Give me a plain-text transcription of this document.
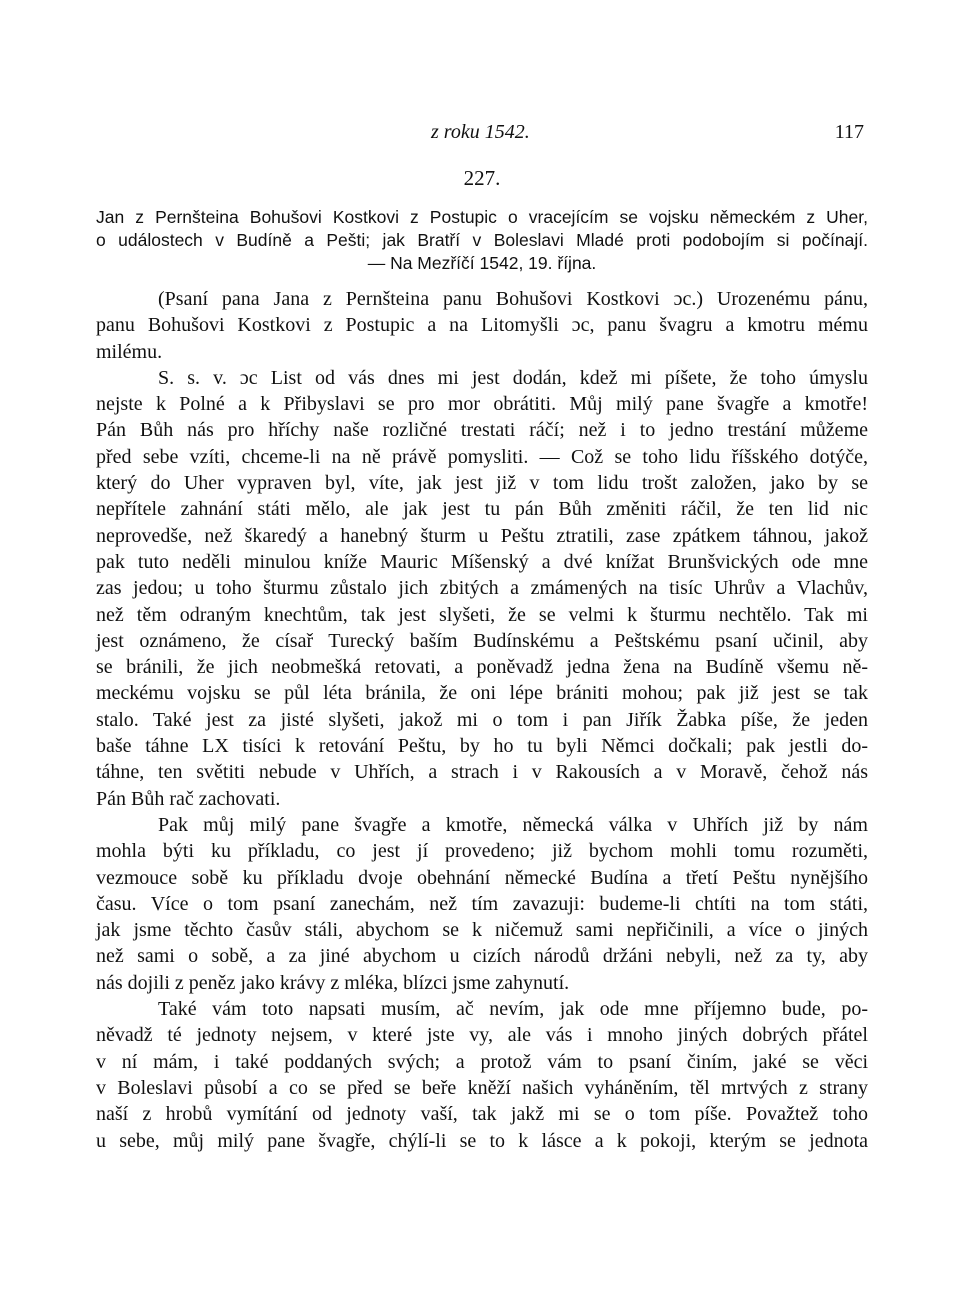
z roku 1542.	117
227.
Jan z Pernšteina Bohušovi Kostkovi z Postupic o vracejícím se vojsku německém z Uher,
o událostech v Budíně a Pešti; jak Bratří v Boleslavi Mladé proti podobojím si počínají.
— Na Mezříčí 1542, 19. října.

(Psaní pana Jana z Pernšteina panu Bohušovi Kostkovi ɔc.) Urozenému pánu,
panu Bohušovi Kostkovi z Postupic a na Litomyšli ɔc, panu švagru a kmotru mému
milému.

S. s. v. ɔc List od vás dnes mi jest dodán, kdež mi píšete, že toho úmyslu
nejste k Polné a k Přibyslavi se pro mor obrátiti. Můj milý pane švagře a kmotře!
Pán Bůh nás pro hříchy naše rozličné trestati ráčí; než i to jedno trestání můžeme
před sebe vzíti, chceme-li na ně právě pomysliti. — Což se toho lidu říšského dotýče,
který do Uher vypraven byl, víte, jak jest již v tom lidu trošt založen, jako by se
nepřítele zahnání státi mělo, ale jak jest tu pán Bůh změniti ráčil, že ten lid nic
neprovedše, než škaredý a hanebný šturm u Peštu ztratili, zase zpátkem táhnou, jakož
pak tuto neděli minulou kníže Mauric Míšenský a dvé knížat Brunšvických ode mne
zas jedou; u toho šturmu zůstalo jich zbitých a zmámených na tisíc Uhrův a Vlachův,
než těm odraným knechtům, tak jest slyšeti, že se velmi k šturmu nechtělo. Tak mi
jest oznámeno, že císař Turecký baším Budínskému a Peštskému psaní učinil, aby
se bránili, že jich neobmešká retovati, a poněvadž jedna žena na Budíně všemu ně-
meckému vojsku se půl léta bránila, že oni lépe brániti mohou; pak již jest se tak
stalo. Také jest za jisté slyšeti, jakož mi o tom i pan Jiřík Žabka píše, že jeden
baše táhne LX tisíci k retování Peštu, by ho tu byli Němci dočkali; pak jestli do-
táhne, ten světiti nebude v Uhřích, a strach i v Rakousích a v Moravě, čehož nás
Pán Bůh rač zachovati.

Pak můj milý pane švagře a kmotře, německá válka v Uhřích již by nám
mohla býti ku příkladu, co jest jí provedeno; již bychom mohli tomu rozuměti,
vezmouce sobě ku příkladu dvoje obehnání německé Budína a třetí Peštu nynějšího
času. Více o tom psaní zanechám, než tím zavazuji: budeme-li chtíti na tom státi,
jak jsme těchto časův stáli, abychom se k ničemuž sami nepřičinili, a více o jiných
než sami o sobě, a za jiné abychom u cizích národů držáni nebyli, než za ty, aby
nás dojili z peněz jako krávy z mléka, blízci jsme zahynutí.

Také vám toto napsati musím, ač nevím, jak ode mne příjemno bude, po-
něvadž té jednoty nejsem, v které jste vy, ale vás i mnoho jiných dobrých přátel
v ní mám, i také poddaných svých; a protož vám to psaní činím, jaké se věci
v Boleslavi působí a co se před se beře kněží našich vyháněním, těl mrtvých z strany
naší z hrobů vymítání od jednoty vaší, tak jakž mi se o tom píše. Považtež toho
u sebe, můj milý pane švagře, chýlí-li se to k lásce a k pokoji, kterým se jednota
